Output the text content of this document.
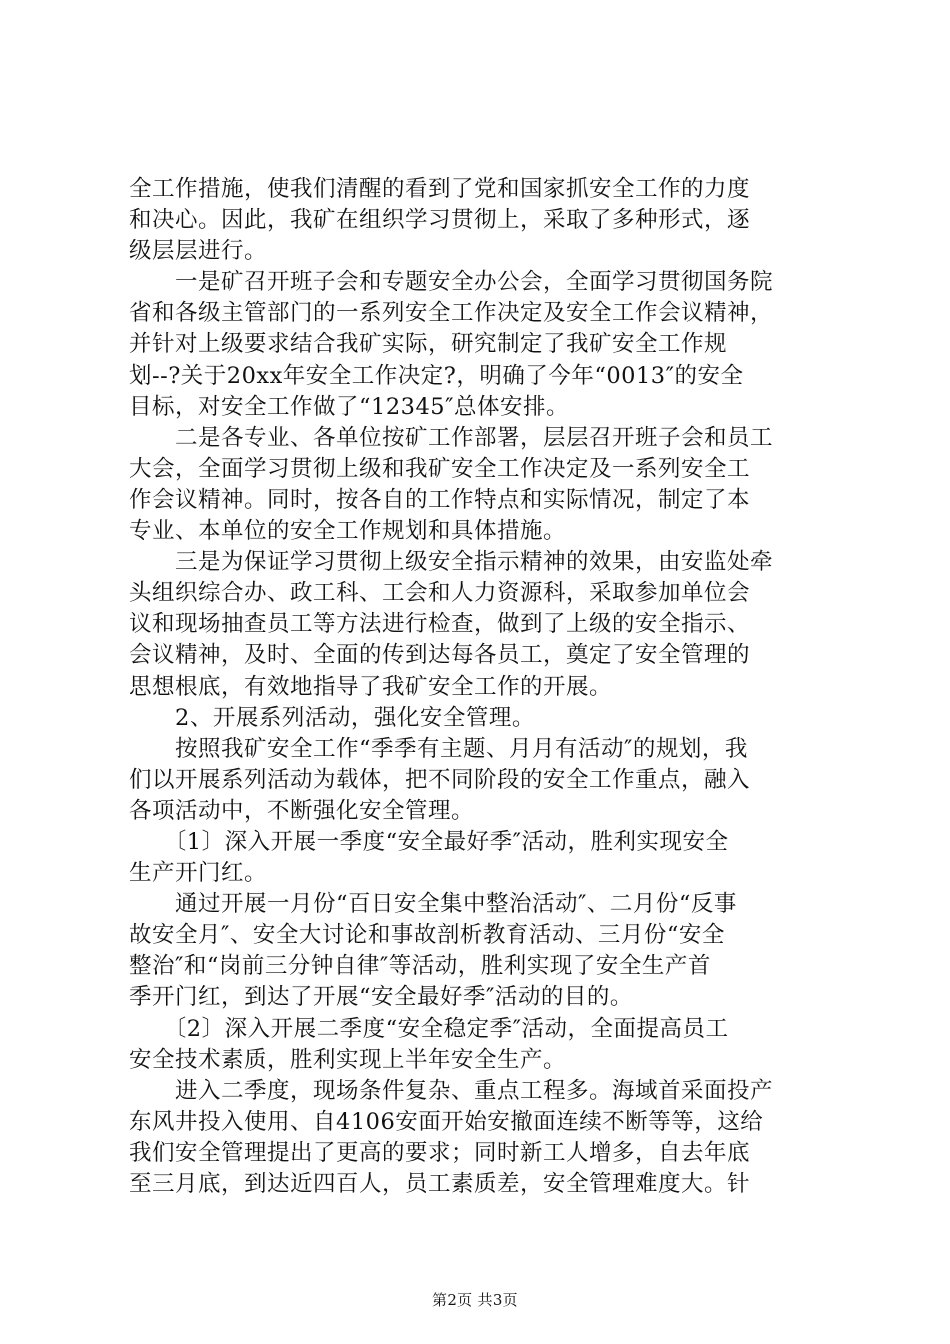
全工作措施，使我们清醒的看到了党和国家抓安全工作的力度
和决心。因此，我矿在组织学习贯彻上，采取了多种形式，逐
级层层进行。
　　一是矿召开班子会和专题安全办公会，全面学习贯彻国务院
省和各级主管部门的一系列安全工作决定及安全工作会议精神，
并针对上级要求结合我矿实际，研究制定了我矿安全工作规
划--?关于20xx年安全工作决定?，明确了今年“0013″的安全
目标，对安全工作做了“12345″总体安排。
　　二是各专业、各单位按矿工作部署，层层召开班子会和员工
大会，全面学习贯彻上级和我矿安全工作决定及一系列安全工
作会议精神。同时，按各自的工作特点和实际情况，制定了本
专业、本单位的安全工作规划和具体措施。
　　三是为保证学习贯彻上级安全指示精神的效果，由安监处牵
头组织综合办、政工科、工会和人力资源科，采取参加单位会
议和现场抽查员工等方法进行检查，做到了上级的安全指示、
会议精神，及时、全面的传到达每各员工，奠定了安全管理的
思想根底，有效地指导了我矿安全工作的开展。
　　2、开展系列活动，强化安全管理。
　　按照我矿安全工作“季季有主题、月月有活动″的规划，我
们以开展系列活动为载体，把不同阶段的安全工作重点，融入
各项活动中，不断强化安全管理。
　　〔1〕深入开展一季度“安全最好季″活动，胜利实现安全
生产开门红。
　　通过开展一月份“百日安全集中整治活动″、二月份“反事
故安全月″、安全大讨论和事故剖析教育活动、三月份“安全
整治″和“岗前三分钟自律″等活动，胜利实现了安全生产首
季开门红，到达了开展“安全最好季″活动的目的。
　　〔2〕深入开展二季度“安全稳定季″活动，全面提高员工
安全技术素质，胜利实现上半年安全生产。
　　进入二季度，现场条件复杂、重点工程多。海域首采面投产
东风井投入使用、自4106安面开始安撤面连续不断等等，这给
我们安全管理提出了更高的要求；同时新工人增多，自去年底
至三月底，到达近四百人，员工素质差，安全管理难度大。针
第2页 共3页
